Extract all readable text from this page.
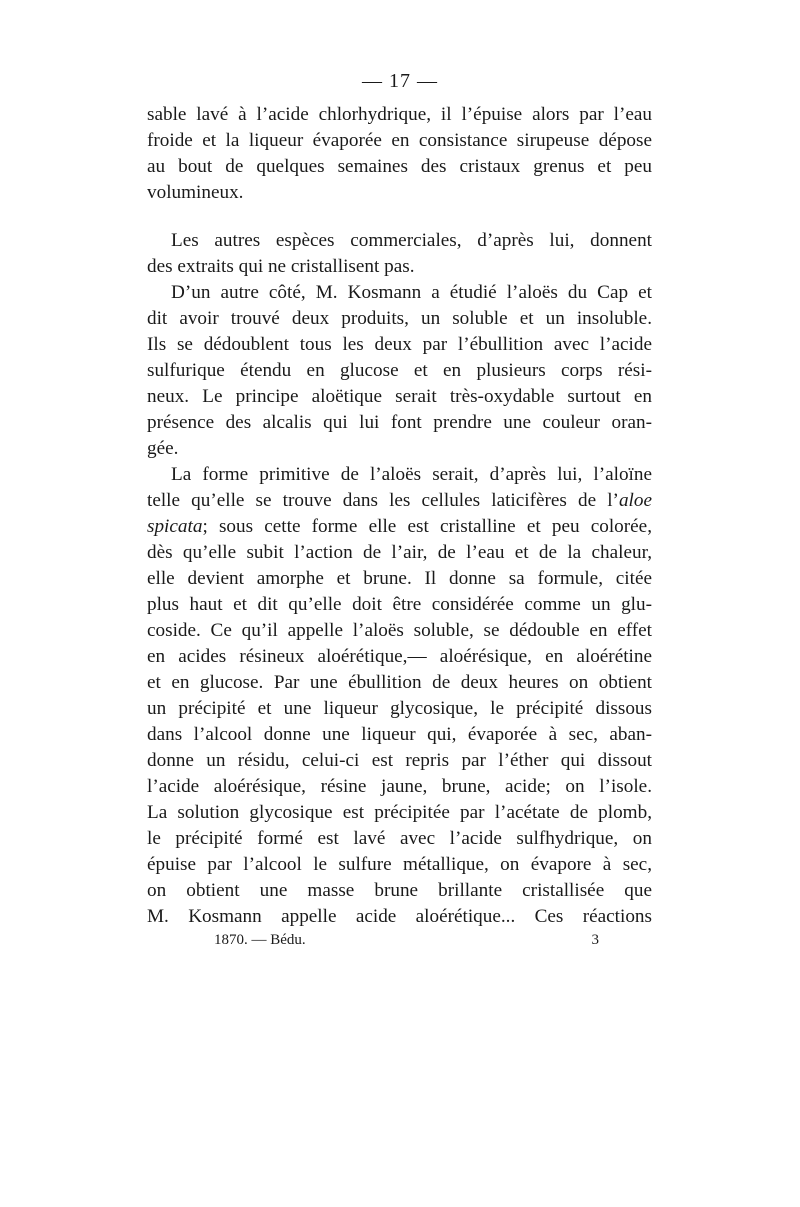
— 17 —
sable lavé à l’acide chlorhydrique, il l’épuise alors par l’eau
froide et la liqueur évaporée en consistance sirupeuse dépose
au bout de quelques semaines des cristaux grenus et peu
volumineux.
Les autres espèces commerciales, d’après lui, donnent
des extraits qui ne cristallisent pas.
D’un autre côté, M. Kosmann a étudié l’aloës du Cap et
dit avoir trouvé deux produits, un soluble et un insoluble.
Ils se dédoublent tous les deux par l’ébullition avec l’acide
sulfurique étendu en glucose et en plusieurs corps rési-
neux. Le principe aloëtique serait très-oxydable surtout en
présence des alcalis qui lui font prendre une couleur oran-
gée.
La forme primitive de l’aloës serait, d’après lui, l’aloïne
telle qu’elle se trouve dans les cellules laticifères de l’aloe
spicata; sous cette forme elle est cristalline et peu colorée,
dès qu’elle subit l’action de l’air, de l’eau et de la chaleur,
elle devient amorphe et brune. Il donne sa formule, citée
plus haut et dit qu’elle doit être considérée comme un glu-
coside. Ce qu’il appelle l’aloës soluble, se dédouble en effet
en acides résineux aloérétique,— aloérésique, en aloérétine
et en glucose. Par une ébullition de deux heures on obtient
un précipité et une liqueur glycosique, le précipité dissous
dans l’alcool donne une liqueur qui, évaporée à sec, aban-
donne un résidu, celui-ci est repris par l’éther qui dissout
l’acide aloérésique, résine jaune, brune, acide; on l’isole.
La solution glycosique est précipitée par l’acétate de plomb,
le précipité formé est lavé avec l’acide sulfhydrique, on
épuise par l’alcool le sulfure métallique, on évapore à sec,
on obtient une masse brune brillante cristallisée que
M. Kosmann appelle acide aloérétique... Ces réactions
1870. — Bédu.	3
